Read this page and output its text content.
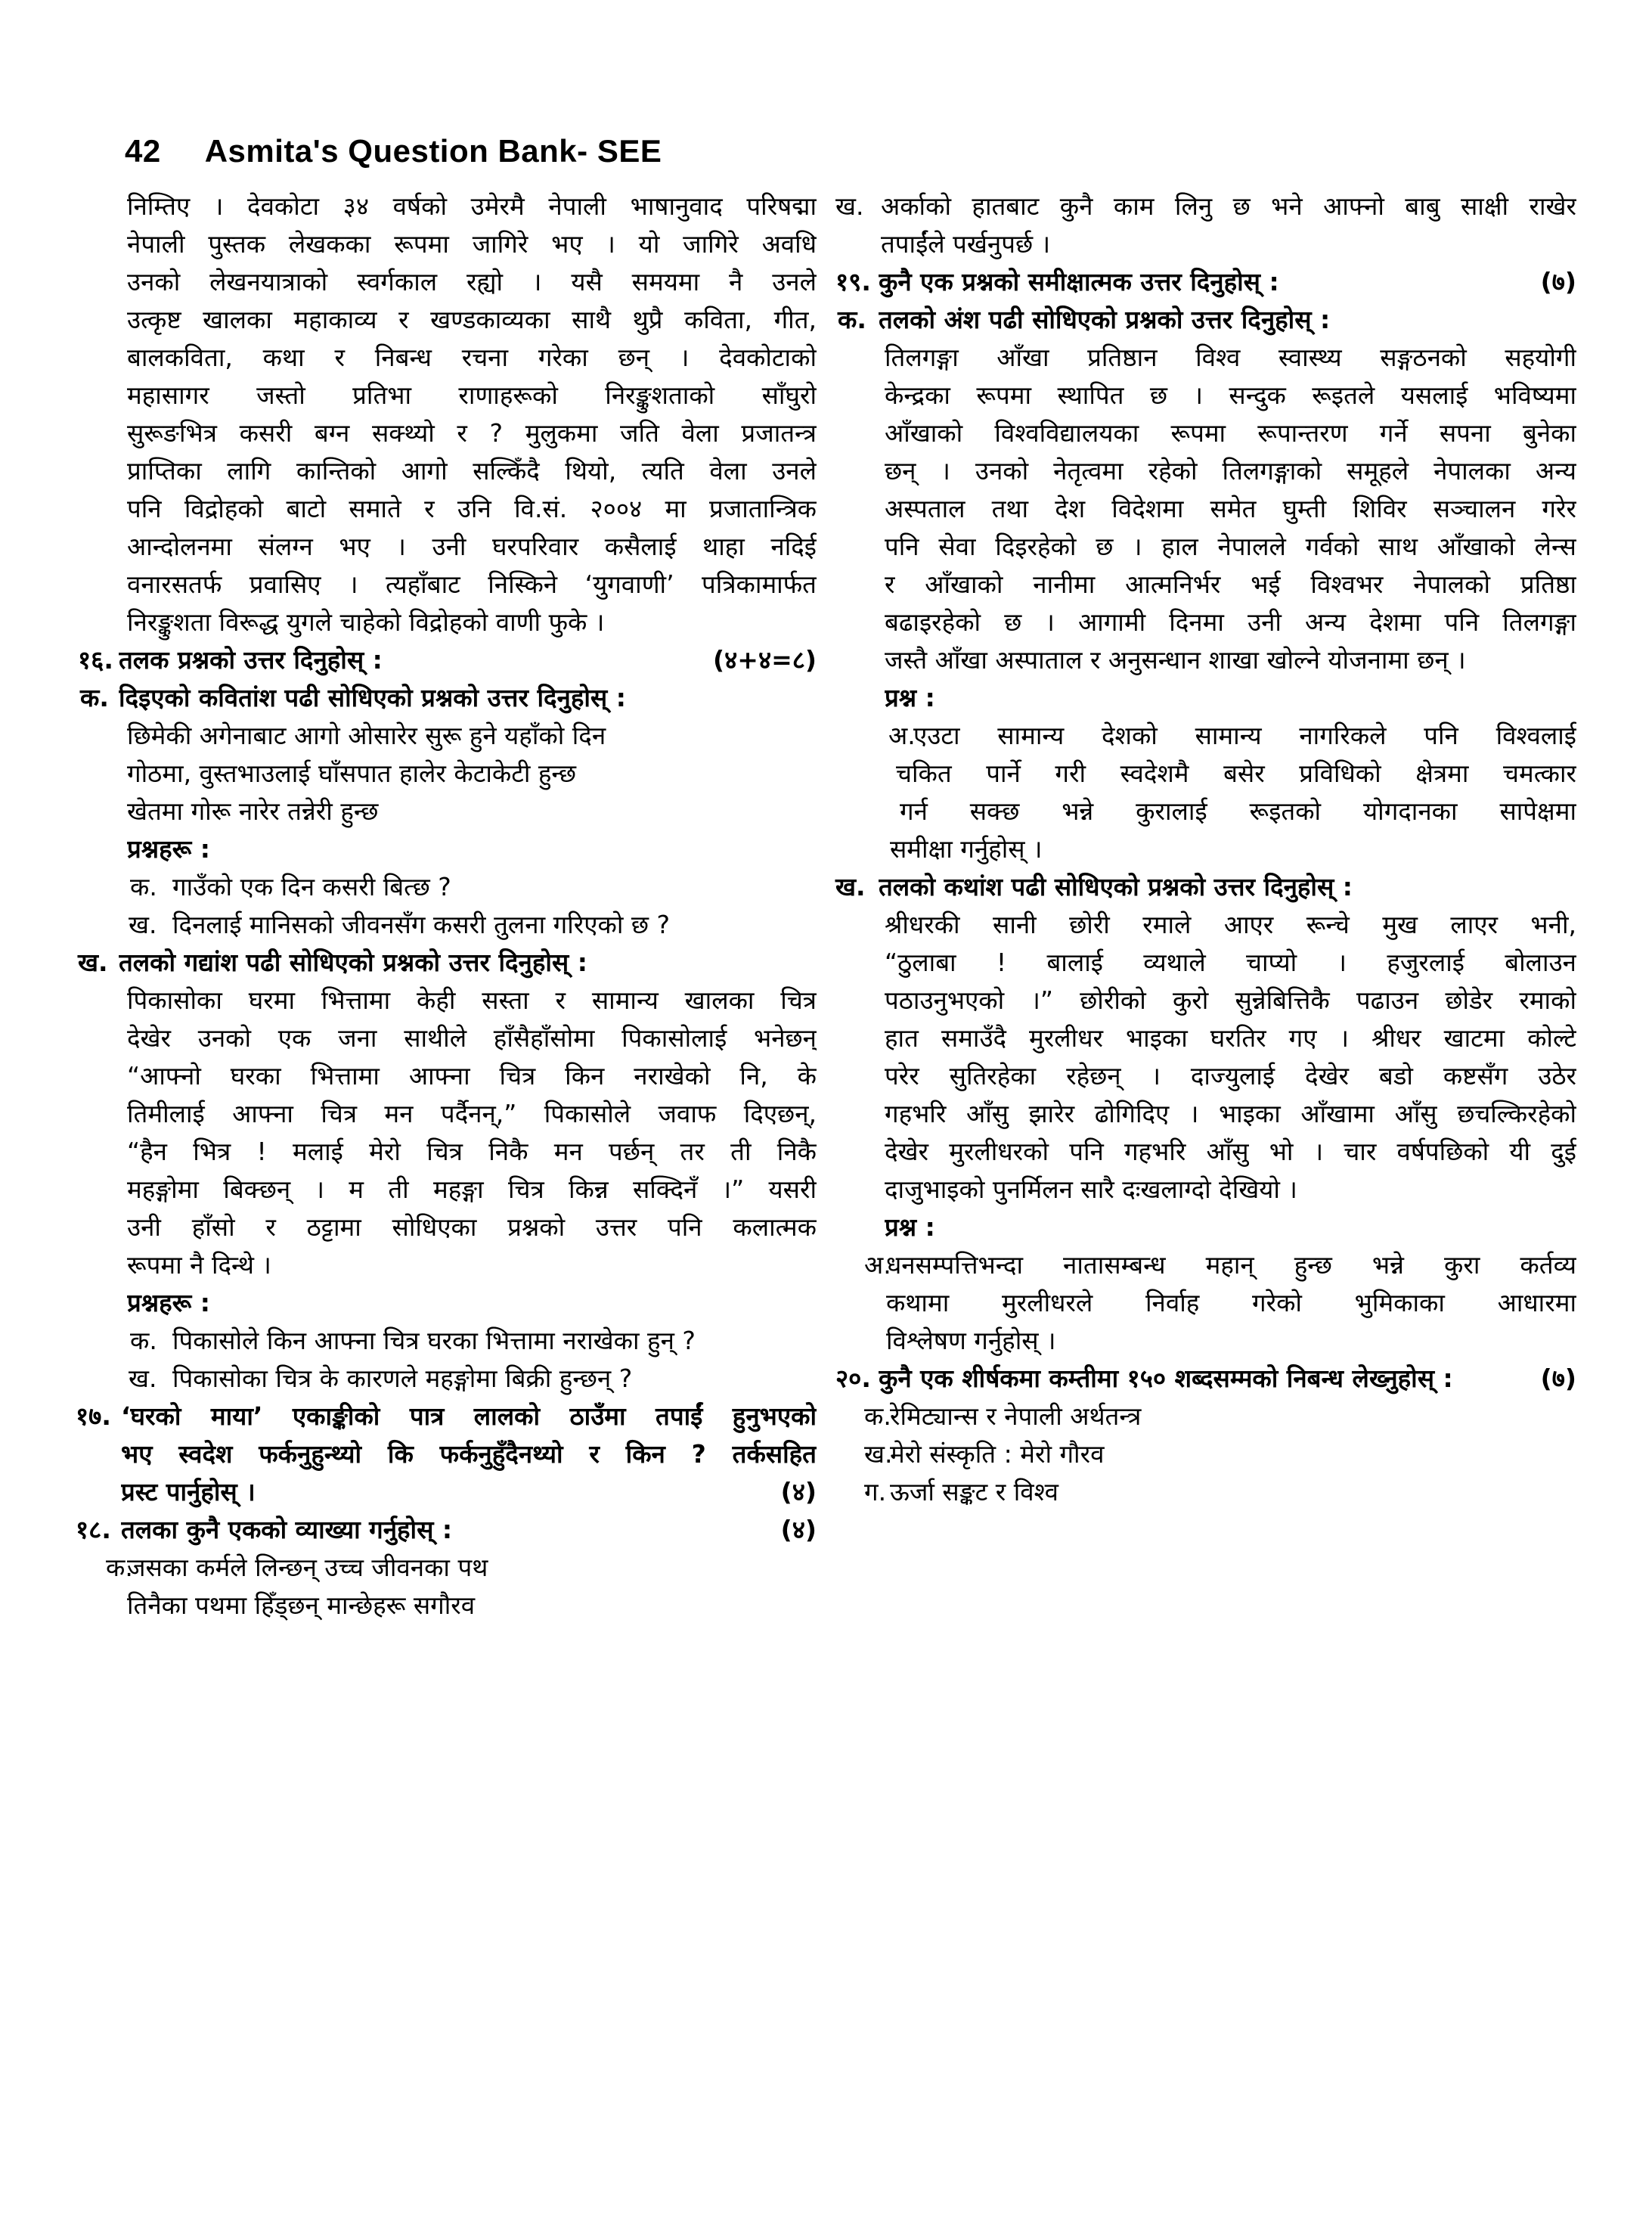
42 Asmita's Question Bank- SEE
निम्तिए । देवकोटा ३४ वर्षको उमेरमै नेपाली भाषानुवाद परिषद्मा
नेपाली पुस्तक लेखकका रूपमा जागिरे भए । यो जागिरे अवधि
उनको लेखनयात्राको स्वर्गकाल रह्यो । यसै समयमा नै उनले
उत्कृष्ट खालका महाकाव्य र खण्डकाव्यका साथै थुप्रै कविता, गीत,
बालकविता, कथा र निबन्ध रचना गरेका छन् । देवकोटाको
महासागर जस्तो प्रतिभा राणाहरूको निरङ्कुशताको साँघुरो
सुरूङभित्र कसरी बग्न सक्थ्यो र ? मुलुकमा जति वेला प्रजातन्त्र
प्राप्तिका लागि कान्तिको आगो सल्किँदै थियो, त्यति वेला उनले
पनि विद्रोहको बाटो समाते र उनि वि.सं. २००४ मा प्रजातान्त्रिक
आन्दोलनमा संलग्न भए । उनी घरपरिवार कसैलाई थाहा नदिई
वनारसतर्फ प्रवासिए । त्यहाँबाट निस्किने ‘युगवाणी’ पत्रिकामार्फत
निरङ्कुशता विरूद्ध युगले चाहेको विद्रोहको वाणी फुके ।
१६. तलक प्रश्नको उत्तर दिनुहोस् :	(४+४=८)
क. दिइएको कवितांश पढी सोधिएको प्रश्नको उत्तर दिनुहोस् :
छिमेकी अगेनाबाट आगो ओसारेर सुरू हुने यहाँको दिन
गोठमा, वुस्तभाउलाई घाँसपात हालेर केटाकेटी हुन्छ
खेतमा गोरू नारेर तन्नेरी हुन्छ
प्रश्नहरू :
क. गाउँको एक दिन कसरी बित्छ ?
ख. दिनलाई मानिसको जीवनसँग कसरी तुलना गरिएको छ ?
ख. तलको गद्यांश पढी सोधिएको प्रश्नको उत्तर दिनुहोस् :
पिकासोका घरमा भित्तामा केही सस्ता र सामान्य खालका चित्र
देखेर उनको एक जना साथीले हाँसैहाँसोमा पिकासोलाई भनेछन्
“आफ्नो घरका भित्तामा आफ्ना चित्र किन नराखेको नि, के
तिमीलाई आफ्ना चित्र मन पर्दैनन्,” पिकासोले जवाफ दिएछन्,
“हैन भित्र ! मलाई मेरो चित्र निकै मन पर्छन् तर ती निकै
महङ्गोमा बिक्छन् । म ती महङ्गा चित्र किन्न सक्दिनँ ।” यसरी
उनी हाँसो र ठट्टामा सोधिएका प्रश्नको उत्तर पनि कलात्मक
रूपमा नै दिन्थे ।
प्रश्नहरू :
क. पिकासोले किन आफ्ना चित्र घरका भित्तामा नराखेका हुन् ?
ख. पिकासोका चित्र के कारणले महङ्गोमा बिक्री हुन्छन् ?
१७. ‘घरको माया’ एकाङ्कीको पात्र लालको ठाउँमा तपाईं हुनुभएको
भए स्वदेश फर्कनुहुन्थ्यो कि फर्कनुहुँदैनथ्यो र किन ? तर्कसहित
प्रस्ट पार्नुहोस् ।	(४)
१८. तलका कुनै एकको व्याख्या गर्नुहोस् :	(४)
क.
जसका कर्मले लिन्छन् उच्च जीवनका पथ
तिनैका पथमा हिँड्छन् मान्छेहरू सगौरव
ख. अर्काको हातबाट कुनै काम लिनु छ भने आफ्नो बाबु साक्षी राखेर
तपाईंले पर्खनुपर्छ ।
१९. कुनै एक प्रश्नको समीक्षात्मक उत्तर दिनुहोस् :	(७)
क. तलको अंश पढी सोधिएको प्रश्नको उत्तर दिनुहोस् :
तिलगङ्गा आँखा प्रतिष्ठान विश्व स्वास्थ्य सङ्गठनको सहयोगी
केन्द्रका रूपमा स्थापित छ । सन्दुक रूइतले यसलाई भविष्यमा
आँखाको विश्वविद्यालयका रूपमा रूपान्तरण गर्ने सपना बुनेका
छन् । उनको नेतृत्वमा रहेको तिलगङ्गाको समूहले नेपालका अन्य
अस्पताल तथा देश विदेशमा समेत घुम्ती शिविर सञ्चालन गरेर
पनि सेवा दिइरहेको छ । हाल नेपालले गर्वको साथ आँखाको लेन्स
र आँखाको नानीमा आत्मनिर्भर भई विश्वभर नेपालको प्रतिष्ठा
बढाइरहेको छ । आगामी दिनमा उनी अन्य देशमा पनि तिलगङ्गा
जस्तै आँखा अस्पाताल र अनुसन्धान शाखा खोल्ने योजनामा छन् ।
प्रश्न :
अ.
एउटा सामान्य देशको सामान्य नागरिकले पनि विश्वलाई
चकित पार्ने गरी स्वदेशमै बसेर प्रविधिको क्षेत्रमा चमत्कार
गर्न सक्छ भन्ने कुरालाई रूइतको योगदानका सापेक्षमा
समीक्षा गर्नुहोस् ।
ख. तलको कथांश पढी सोधिएको प्रश्नको उत्तर दिनुहोस् :
श्रीधरकी सानी छोरी रमाले आएर रून्चे मुख लाएर भनी,
“ठुलाबा ! बालाई व्यथाले चाप्यो । हजुरलाई बोलाउन
पठाउनुभएको ।” छोरीको कुरो सुन्नेबित्तिकै पढाउन छोडेर रमाको
हात समाउँदै मुरलीधर भाइका घरतिर गए । श्रीधर खाटमा कोल्टे
परेर सुतिरहेका रहेछन् । दाज्युलाई देखेर बडो कष्टसँग उठेर
गहभरि आँसु झारेर ढोगिदिए । भाइका आँखामा आँसु छचल्किरहेको
देखेर मुरलीधरको पनि गहभरि आँसु भो । चार वर्षपछिको यी दुई
दाजुभाइको पुनर्मिलन सारै दःखलाग्दो देखियो ।
प्रश्न :
अ.
धनसम्पत्तिभन्दा नातासम्बन्ध महान् हुन्छ भन्ने कुरा कर्तव्य
कथामा मुरलीधरले निर्वाह गरेको भुमिकाका आधारमा
विश्लेषण गर्नुहोस् ।
२०. कुनै एक शीर्षकमा कम्तीमा १५० शब्दसम्मको निबन्ध लेख्नुहोस् :	(७)
क.
रेमिट्यान्स र नेपाली अर्थतन्त्र
ख.
मेरो संस्कृति : मेरो गौरव
ग. ऊर्जा सङ्कट र विश्व
